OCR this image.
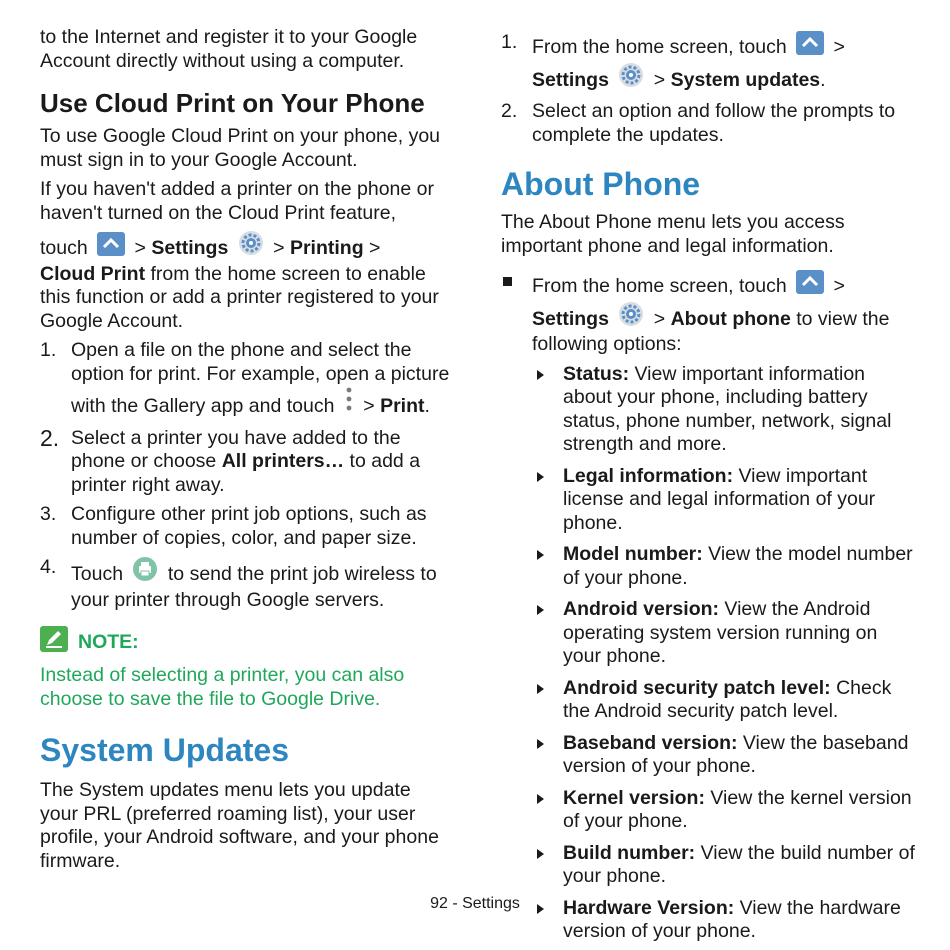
to the Internet and register it to your Google Account directly without using a computer.

Use Cloud Print on Your Phone

To use Google Cloud Print on your phone, you must sign in to your Google Account.

If you haven't added a printer on the phone or haven't turned on the Cloud Print feature,

touch  > Settings  > Printing >
Cloud Print from the home screen to enable this function or add a printer registered to your Google Account.

1. Open a file on the phone and select the option for print. For example, open a picture with the Gallery app and touch  > Print.
2. Select a printer you have added to the phone or choose All printers… to add a printer right away.
3. Configure other print job options, such as number of copies, color, and paper size.
4. Touch  to send the print job wireless to your printer through Google servers.
NOTE:

Instead of selecting a printer, you can also choose to save the file to Google Drive.

System Updates

The System updates menu lets you update your PRL (preferred roaming list), your user profile, your Android software, and your phone firmware.

1. From the home screen, touch  >
Settings  > System updates.
2. Select an option and follow the prompts to complete the updates.
About Phone

The About Phone menu lets you access important phone and legal information.

From the home screen, touch  >
Settings  > About phone to view the following options:
Status: View important information about your phone, including battery status, phone number, network, signal strength and more.
Legal information: View important license and legal information of your phone.
Model number: View the model number of your phone.
Android version: View the Android operating system version running on your phone.
Android security patch level: Check the Android security patch level.
Baseband version: View the baseband version of your phone.
Kernel version: View the kernel version of your phone.
Build number: View the build number of your phone.
Hardware Version: View the hardware version of your phone.
92 - Settings
